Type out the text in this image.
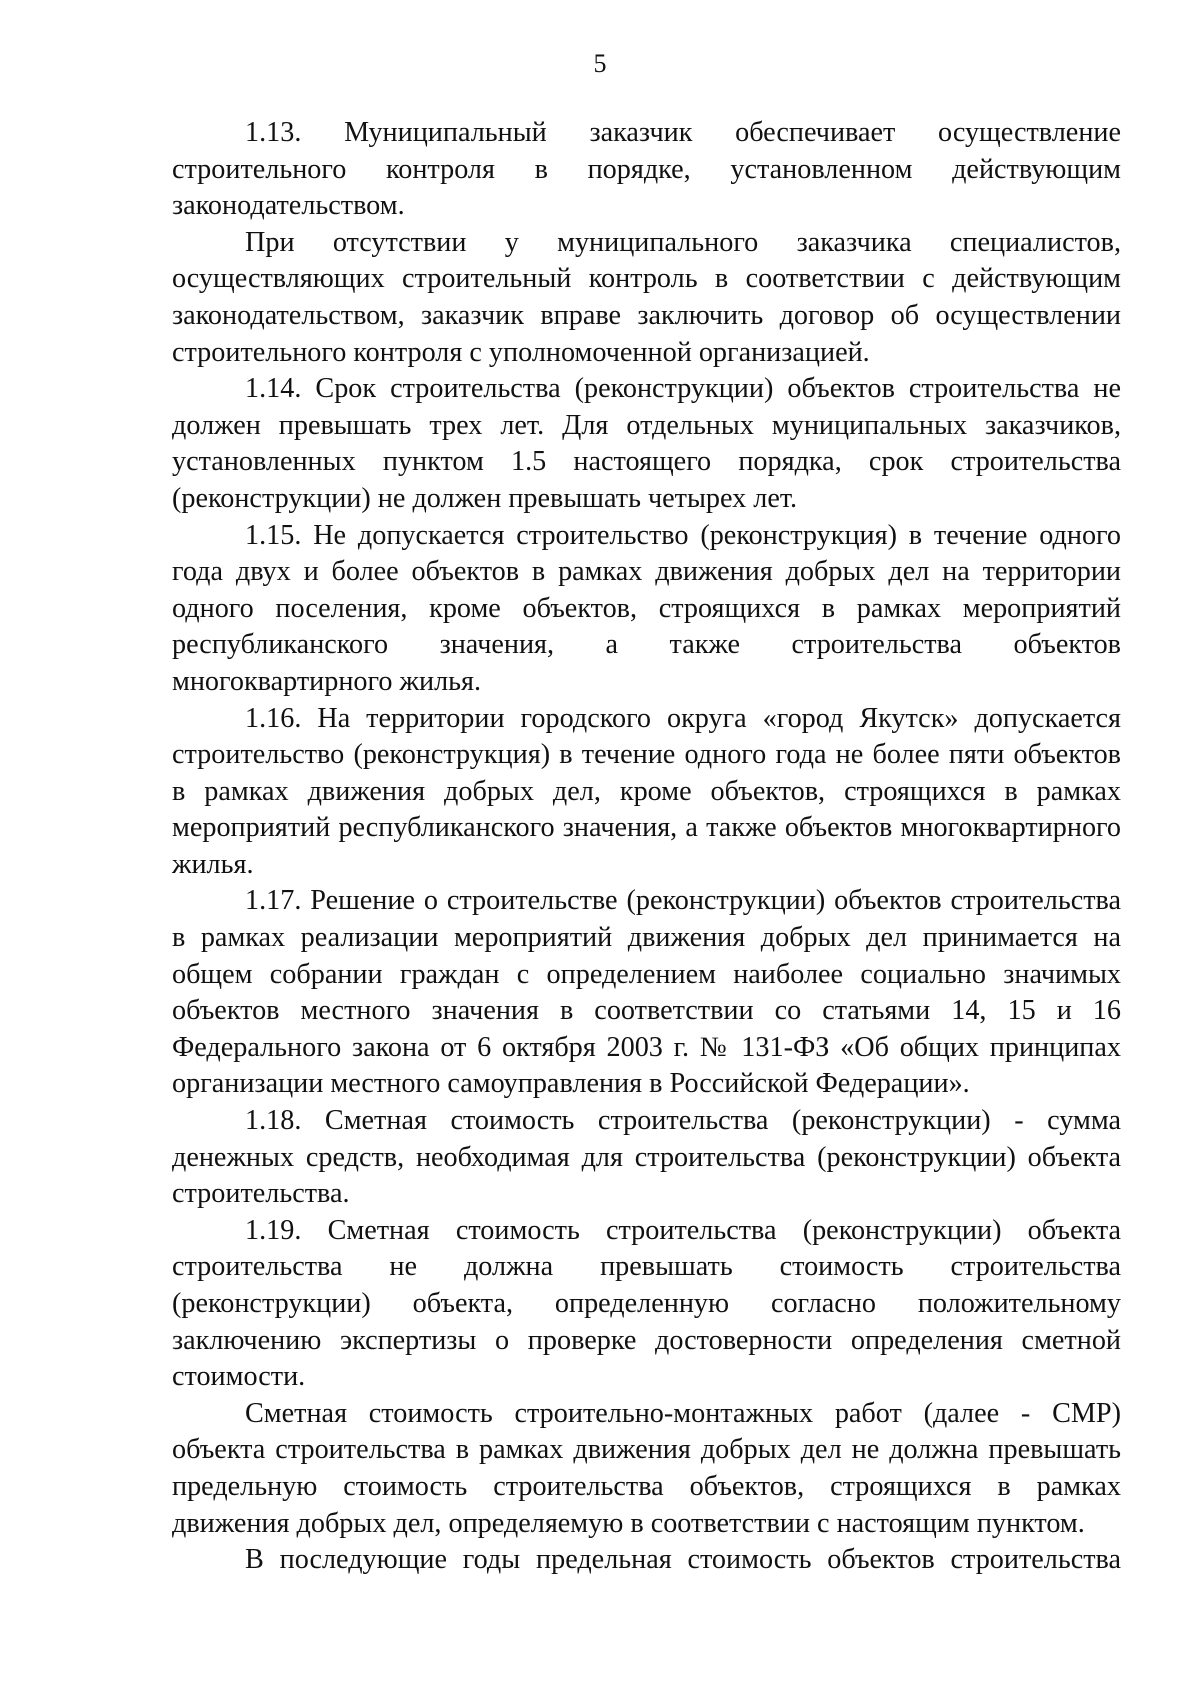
5

1.13. Муниципальный заказчик обеспечивает осуществление строительного контроля в порядке, установленном действующим законодательством.

При отсутствии у муниципального заказчика специалистов, осуществляющих строительный контроль в соответствии с действующим законодательством, заказчик вправе заключить договор об осуществлении строительного контроля с уполномоченной организацией.

1.14. Срок строительства (реконструкции) объектов строительства не должен превышать трех лет. Для отдельных муниципальных заказчиков, установленных пунктом 1.5 настоящего порядка, срок строительства (реконструкции) не должен превышать четырех лет.

1.15. Не допускается строительство (реконструкция) в течение одного года двух и более объектов в рамках движения добрых дел на территории одного поселения, кроме объектов, строящихся в рамках мероприятий республиканского значения, а также строительства объектов многоквартирного жилья.

1.16. На территории городского округа «город Якутск» допускается строительство (реконструкция) в течение одного года не более пяти объектов в рамках движения добрых дел, кроме объектов, строящихся в рамках мероприятий республиканского значения, а также объектов многоквартирного жилья.

1.17. Решение о строительстве (реконструкции) объектов строительства в рамках реализации мероприятий движения добрых дел принимается на общем собрании граждан с определением наиболее социально значимых объектов местного значения в соответствии со статьями 14, 15 и 16 Федерального закона от 6 октября 2003 г. № 131-ФЗ «Об общих принципах организации местного самоуправления в Российской Федерации».

1.18. Сметная стоимость строительства (реконструкции) - сумма денежных средств, необходимая для строительства (реконструкции) объекта строительства.

1.19. Сметная стоимость строительства (реконструкции) объекта строительства не должна превышать стоимость строительства (реконструкции) объекта, определенную согласно положительному заключению экспертизы о проверке достоверности определения сметной стоимости.

Сметная стоимость строительно-монтажных работ (далее - СМР) объекта строительства в рамках движения добрых дел не должна превышать предельную стоимость строительства объектов, строящихся в рамках движения добрых дел, определяемую в соответствии с настоящим пунктом.

В последующие годы предельная стоимость объектов строительства
